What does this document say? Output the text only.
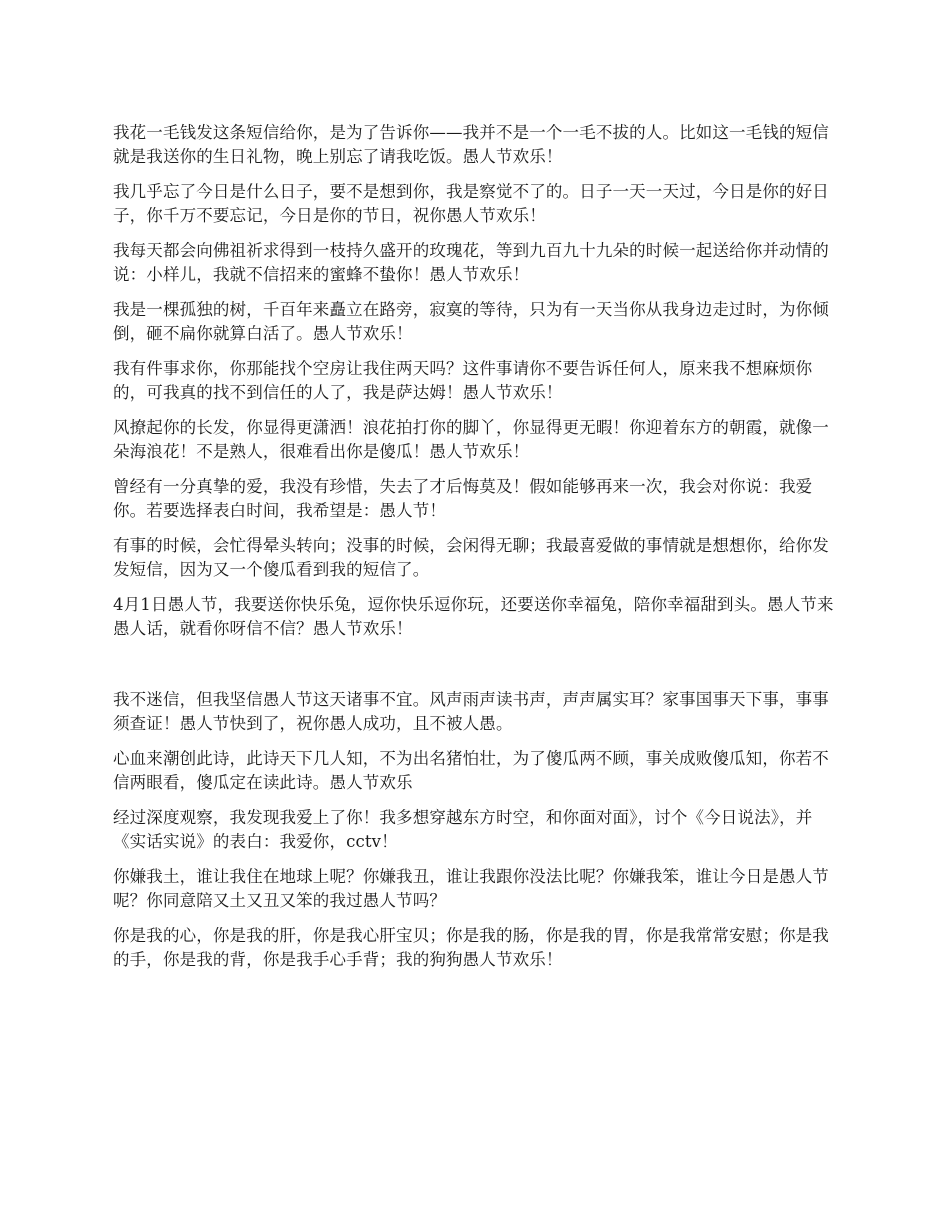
我花一毛钱发这条短信给你，是为了告诉你——我并不是一个一毛不拔的人。比如这一毛钱的短信就是我送你的生日礼物，晚上别忘了请我吃饭。愚人节欢乐！

我几乎忘了今日是什么日子，要不是想到你，我是察觉不了的。日子一天一天过，今日是你的好日子，你千万不要忘记，今日是你的节日，祝你愚人节欢乐！

我每天都会向佛祖祈求得到一枝持久盛开的玫瑰花，等到九百九十九朵的时候一起送给你并动情的说：小样儿，我就不信招来的蜜蜂不蛰你！愚人节欢乐！

我是一棵孤独的树，千百年来矗立在路旁，寂寞的等待，只为有一天当你从我身边走过时，为你倾倒，砸不扁你就算白活了。愚人节欢乐！

我有件事求你，你那能找个空房让我住两天吗？这件事请你不要告诉任何人，原来我不想麻烦你的，可我真的找不到信任的人了，我是萨达姆！愚人节欢乐！

风撩起你的长发，你显得更潇洒！浪花拍打你的脚丫，你显得更无暇！你迎着东方的朝霞，就像一朵海浪花！不是熟人，很难看出你是傻瓜！愚人节欢乐！

曾经有一分真挚的爱，我没有珍惜，失去了才后悔莫及！假如能够再来一次，我会对你说：我爱你。若要选择表白时间，我希望是：愚人节！

有事的时候，会忙得晕头转向；没事的时候，会闲得无聊；我最喜爱做的事情就是想想你，给你发发短信，因为又一个傻瓜看到我的短信了。

4月1日愚人节，我要送你快乐兔，逗你快乐逗你玩，还要送你幸福兔，陪你幸福甜到头。愚人节来愚人话，就看你呀信不信？愚人节欢乐！

我不迷信，但我坚信愚人节这天诸事不宜。风声雨声读书声，声声属实耳？家事国事天下事，事事须查证！愚人节快到了，祝你愚人成功，且不被人愚。

心血来潮创此诗，此诗天下几人知，不为出名猪怕壮，为了傻瓜两不顾，事关成败傻瓜知，你若不信两眼看，傻瓜定在读此诗。愚人节欢乐

经过深度观察，我发现我爱上了你！我多想穿越东方时空，和你面对面》，讨个《今日说法》，并《实话实说》的表白：我爱你，cctv！

你嫌我土，谁让我住在地球上呢？你嫌我丑，谁让我跟你没法比呢？你嫌我笨，谁让今日是愚人节呢？你同意陪又土又丑又笨的我过愚人节吗？

你是我的心，你是我的肝，你是我心肝宝贝；你是我的肠，你是我的胃，你是我常常安慰；你是我的手，你是我的背，你是我手心手背；我的狗狗愚人节欢乐！
